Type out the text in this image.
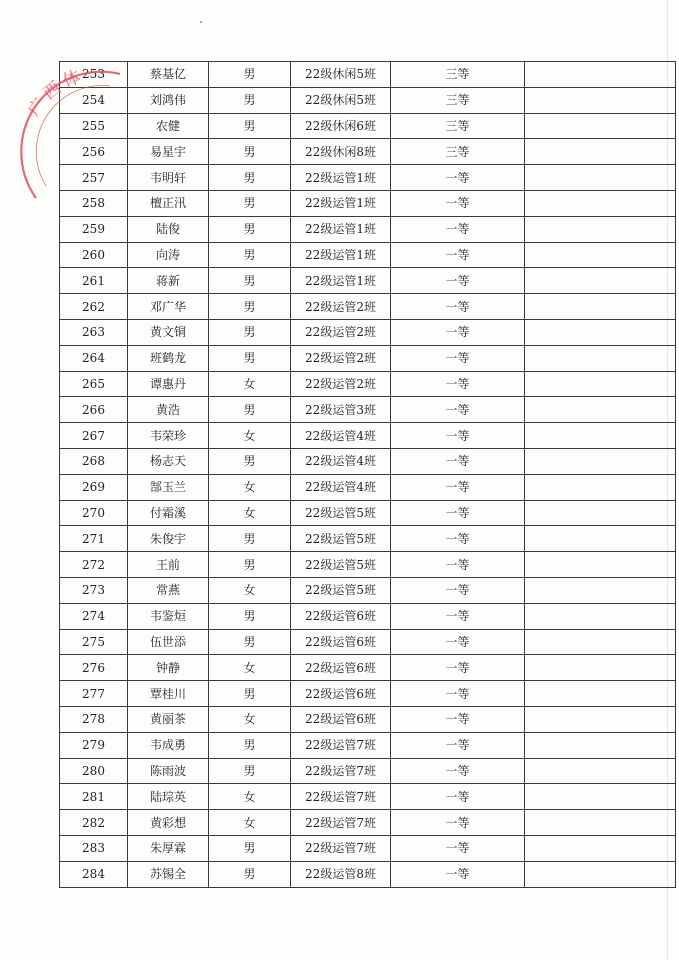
253	蔡基亿	男	22级休闲5班	三等	
254	刘鸿伟	男	22级休闲5班	三等	
255	农健	男	22级休闲6班	三等	
256	易星宇	男	22级休闲8班	三等	
257	韦明轩	男	22级运管1班	一等	
258	檀正汛	男	22级运管1班	一等	
259	陆俊	男	22级运管1班	一等	
260	向涛	男	22级运管1班	一等	
261	蒋新	男	22级运管1班	一等	
262	邓广华	男	22级运管2班	一等	
263	黄文铜	男	22级运管2班	一等	
264	班鹤龙	男	22级运管2班	一等	
265	谭惠丹	女	22级运管2班	一等	
266	黄浩	男	22级运管3班	一等	
267	韦荣珍	女	22级运管4班	一等	
268	杨志天	男	22级运管4班	一等	
269	郜玉兰	女	22级运管4班	一等	
270	付霜溪	女	22级运管5班	一等	
271	朱俊宇	男	22级运管5班	一等	
272	王前	男	22级运管5班	一等	
273	常燕	女	22级运管5班	一等	
274	韦鉴烜	男	22级运管6班	一等	
275	伍世添	男	22级运管6班	一等	
276	钟静	女	22级运管6班	一等	
277	覃桂川	男	22级运管6班	一等	
278	黄丽茶	女	22级运管6班	一等	
279	韦成勇	男	22级运管7班	一等	
280	陈雨波	男	22级运管7班	一等	
281	陆琮英	女	22级运管7班	一等	
282	黄彩想	女	22级运管7班	一等	
283	朱厚霖	男	22级运管7班	一等	
284	苏锡全	男	22级运管8班	一等	
广西体
